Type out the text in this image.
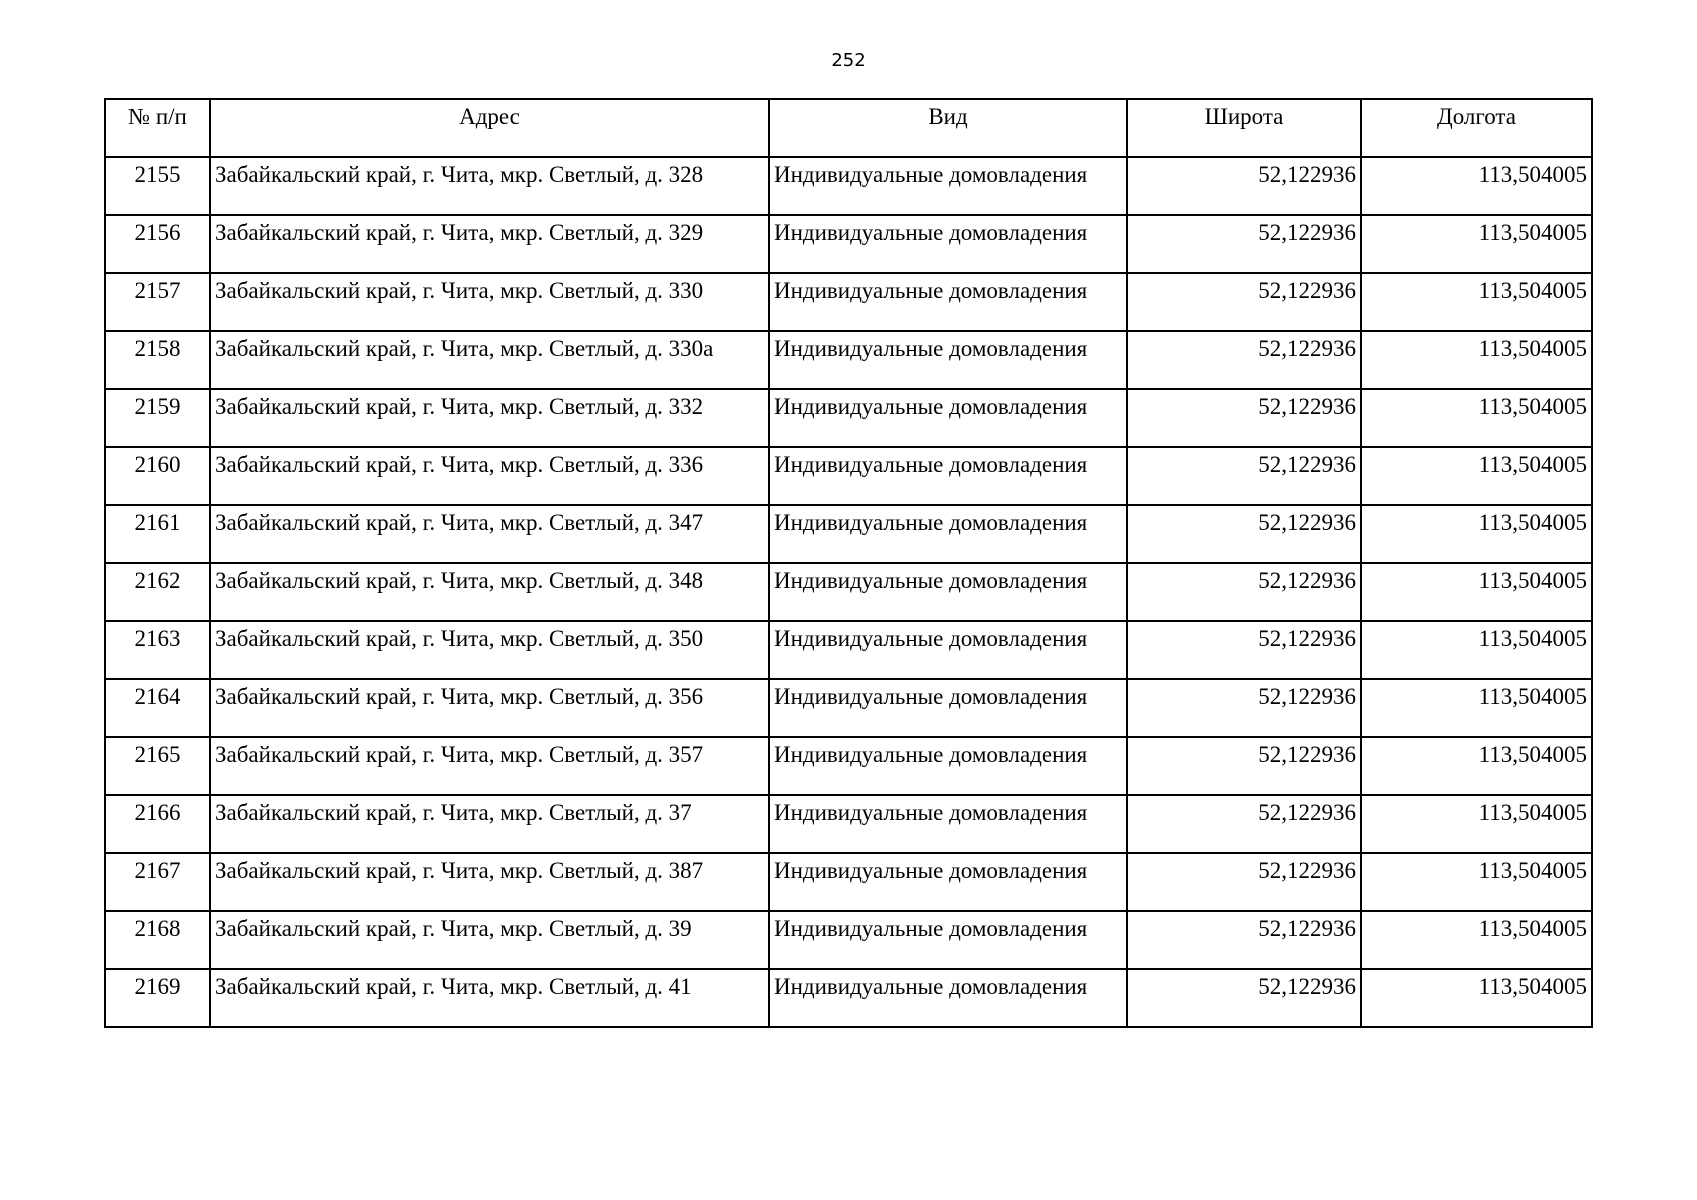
252
№ п/п	Адрес	Вид	Широта	Долгота
2155	Забайкальский край, г. Чита, мкр. Светлый, д. 328	Индивидуальные домовладения	52,122936	113,504005
2156	Забайкальский край, г. Чита, мкр. Светлый, д. 329	Индивидуальные домовладения	52,122936	113,504005
2157	Забайкальский край, г. Чита, мкр. Светлый, д. 330	Индивидуальные домовладения	52,122936	113,504005
2158	Забайкальский край, г. Чита, мкр. Светлый, д. 330а	Индивидуальные домовладения	52,122936	113,504005
2159	Забайкальский край, г. Чита, мкр. Светлый, д. 332	Индивидуальные домовладения	52,122936	113,504005
2160	Забайкальский край, г. Чита, мкр. Светлый, д. 336	Индивидуальные домовладения	52,122936	113,504005
2161	Забайкальский край, г. Чита, мкр. Светлый, д. 347	Индивидуальные домовладения	52,122936	113,504005
2162	Забайкальский край, г. Чита, мкр. Светлый, д. 348	Индивидуальные домовладения	52,122936	113,504005
2163	Забайкальский край, г. Чита, мкр. Светлый, д. 350	Индивидуальные домовладения	52,122936	113,504005
2164	Забайкальский край, г. Чита, мкр. Светлый, д. 356	Индивидуальные домовладения	52,122936	113,504005
2165	Забайкальский край, г. Чита, мкр. Светлый, д. 357	Индивидуальные домовладения	52,122936	113,504005
2166	Забайкальский край, г. Чита, мкр. Светлый, д. 37	Индивидуальные домовладения	52,122936	113,504005
2167	Забайкальский край, г. Чита, мкр. Светлый, д. 387	Индивидуальные домовладения	52,122936	113,504005
2168	Забайкальский край, г. Чита, мкр. Светлый, д. 39	Индивидуальные домовладения	52,122936	113,504005
2169	Забайкальский край, г. Чита, мкр. Светлый, д. 41	Индивидуальные домовладения	52,122936	113,504005
